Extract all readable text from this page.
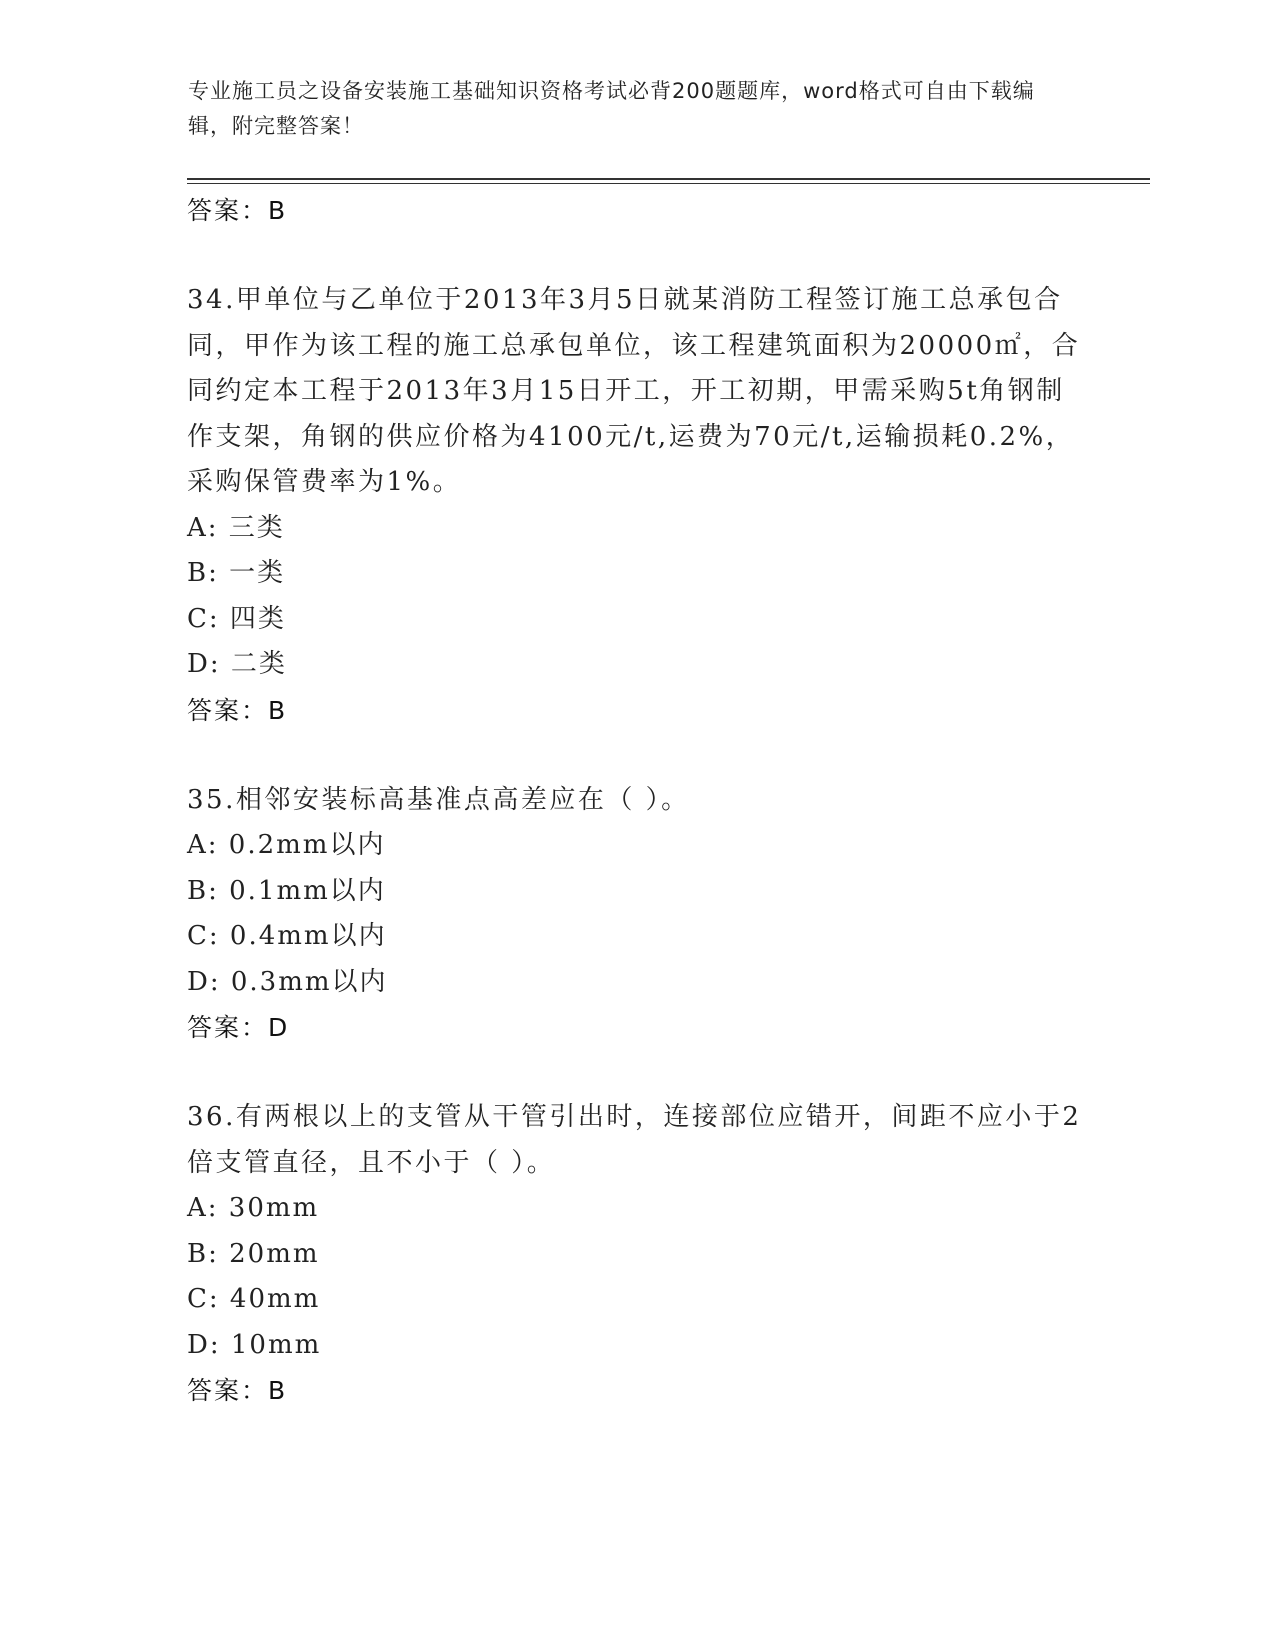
专业施工员之设备安装施工基础知识资格考试必背200题题库，word格式可自由下载编辑，附完整答案！
答案：B

34.甲单位与乙单位于2013年3月5日就某消防工程签订施工总承包合同，甲作为该工程的施工总承包单位，该工程建筑面积为20000㎡，合同约定本工程于2013年3月15日开工，开工初期，甲需采购5t角钢制作支架，角钢的供应价格为4100元/t,运费为70元/t,运输损耗0.2%，采购保管费率为1%。

A: 三类
B: 一类
C: 四类
D: 二类
答案：B

35.相邻安装标高基准点高差应在（ ）。

A: 0.2mm以内
B: 0.1mm以内
C: 0.4mm以内
D: 0.3mm以内
答案：D

36.有两根以上的支管从干管引出时，连接部位应错开，间距不应小于2倍支管直径，且不小于（ ）。

A: 30mm
B: 20mm
C: 40mm
D: 10mm
答案：B
